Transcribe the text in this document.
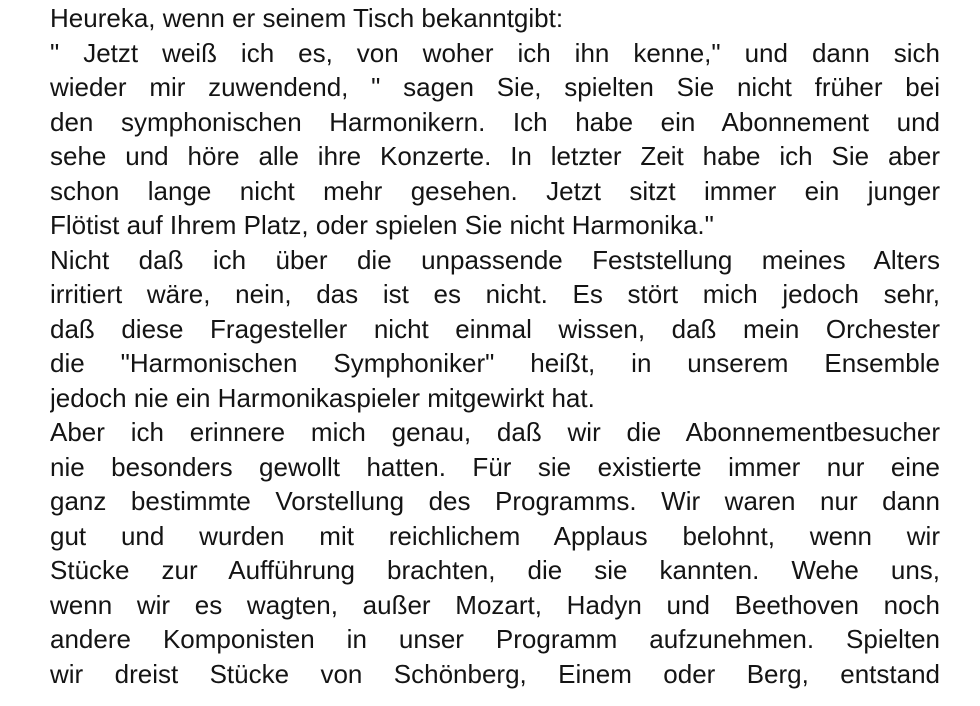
Heureka, wenn er seinem Tisch bekanntgibt:
" Jetzt weiß ich es, von woher ich ihn kenne," und dann sich
wieder mir zuwendend, " sagen Sie, spielten Sie nicht früher bei
den symphonischen Harmonikern. Ich habe ein Abonnement und
sehe und höre alle ihre Konzerte. In letzter Zeit habe ich Sie aber
schon lange nicht mehr gesehen. Jetzt sitzt immer ein junger
Flötist auf Ihrem Platz, oder spielen Sie nicht Harmonika."
Nicht daß ich über die unpassende Feststellung meines Alters
irritiert wäre, nein, das ist es nicht. Es stört mich jedoch sehr,
daß diese Fragesteller nicht einmal wissen, daß mein Orchester
die "Harmonischen Symphoniker" heißt, in unserem Ensemble
jedoch nie ein Harmonikaspieler mitgewirkt hat.
Aber ich erinnere mich genau, daß wir die Abonnementbesucher
nie besonders gewollt hatten. Für sie existierte immer nur eine
ganz bestimmte Vorstellung des Programms. Wir waren nur dann
gut und wurden mit reichlichem Applaus belohnt, wenn wir
Stücke zur Aufführung brachten, die sie kannten. Wehe uns,
wenn wir es wagten, außer Mozart, Hadyn und Beethoven noch
andere Komponisten in unser Programm aufzunehmen. Spielten
wir dreist Stücke von Schönberg, Einem oder Berg, entstand
